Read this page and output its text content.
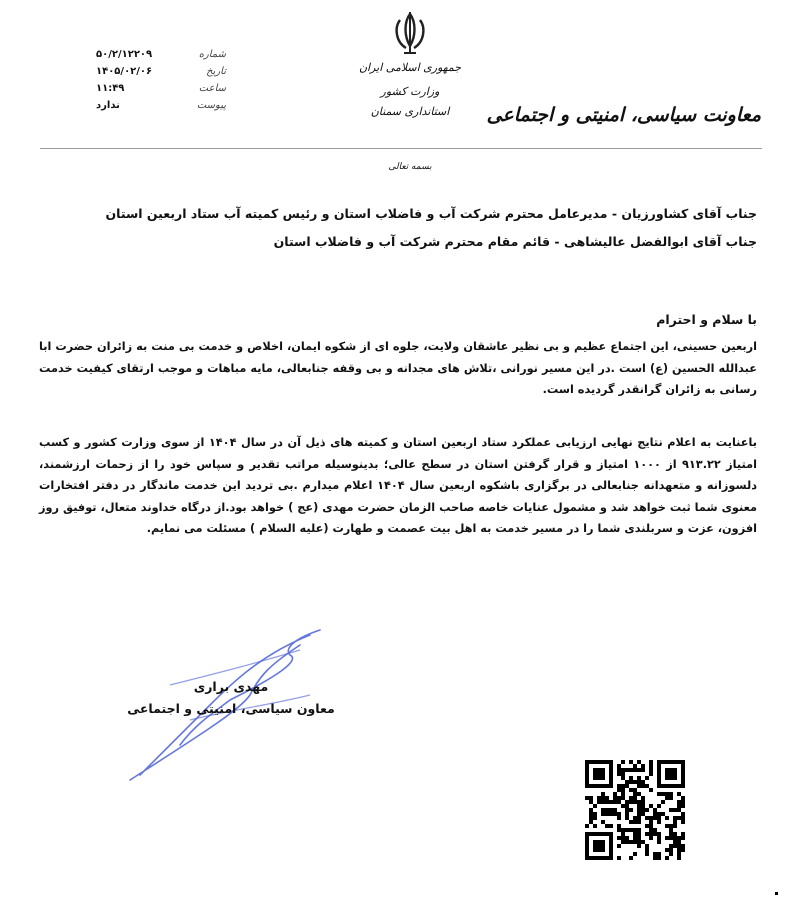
جمهوری اسلامی ایران
وزارت کشور
استانداری سمنان
شماره
۵۰/۲/۱۲۲۰۹
تاریخ
۱۴۰۵/۰۲/۰۶
ساعت
۱۱:۴۹
پیوست
ندارد	معاونت سیاسی، امنیتی و اجتماعی
بسمه تعالی
جناب آقای کشاورزیان - مدیرعامل محترم شرکت آب و فاضلاب استان و رئیس کمیته آب ستاد اربعین استان
جناب آقای ابوالفضل عالیشاهی - قائم مقام محترم شرکت آب و فاضلاب استان
با سلام و احترام
اربعین حسینی، این اجتماع عظیم و بی نظیر عاشقان ولایت، جلوه ای از شکوه ایمان، اخلاص و خدمت بی منت به زائران حضرت ابا عبدالله الحسین (ع) است .در این مسیر نورانی ،تلاش های مجدانه و بی وقفه جنابعالی، مایه مباهات و موجب ارتقای کیفیت خدمت رسانی به زائران گرانقدر گردیده است.
باعنایت به اعلام نتایج نهایی ارزیابی عملکرد ستاد اربعین استان و کمیته های ذیل آن در سال ۱۴۰۴ از سوی وزارت کشور و کسب امتیاز ۹۱۳.۲۲ از ۱۰۰۰ امتیاز و قرار گرفتن استان در سطح عالی؛ بدینوسیله مراتب تقدیر و سپاس خود را از زحمات ارزشمند، دلسوزانه و متعهدانه جنابعالی در برگزاری باشکوه اربعین سال ۱۴۰۴ اعلام میدارم .بی تردید این خدمت ماندگار در دفتر افتخارات معنوی شما ثبت خواهد شد و مشمول عنایات خاصه صاحب الزمان حضرت مهدی (عج ) خواهد بود.از درگاه خداوند متعال، توفیق روز افزون، عزت و سربلندی شما را در مسیر خدمت به اهل بیت عصمت و طهارت (علیه السلام ) مسئلت می نمایم.
مهدی براری
معاون سیاسی، امنیتی و اجتماعی
